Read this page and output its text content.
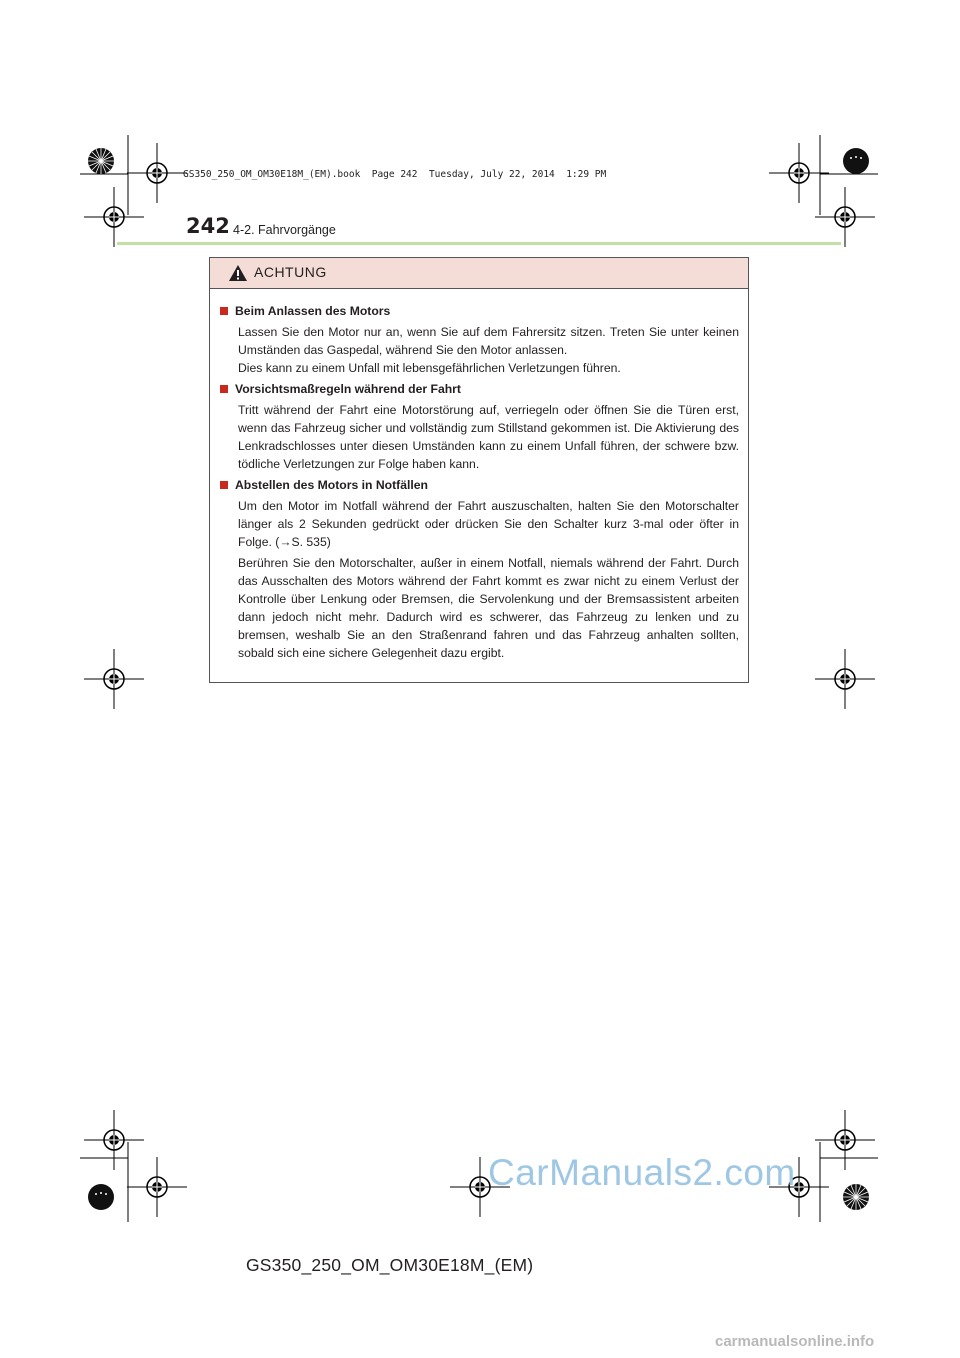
GS350_250_OM_OM30E18M_(EM).book  Page 242  Tuesday, July 22, 2014  1:29 PM
242 4-2. Fahrvorgänge
ACHTUNG
Beim Anlassen des Motors
Lassen Sie den Motor nur an, wenn Sie auf dem Fahrersitz sitzen. Treten Sie unter keinen Umständen das Gaspedal, während Sie den Motor anlassen.
Dies kann zu einem Unfall mit lebensgefährlichen Verletzungen führen.
Vorsichtsmaßregeln während der Fahrt
Tritt während der Fahrt eine Motorstörung auf, verriegeln oder öffnen Sie die Türen erst, wenn das Fahrzeug sicher und vollständig zum Stillstand gekommen ist. Die Aktivierung des Lenkradschlosses unter diesen Umständen kann zu einem Unfall führen, der schwere bzw. tödliche Verletzungen zur Folge haben kann.
Abstellen des Motors in Notfällen
Um den Motor im Notfall während der Fahrt auszuschalten, halten Sie den Motorschalter länger als 2 Sekunden gedrückt oder drücken Sie den Schalter kurz 3-mal oder öfter in Folge. (→S. 535)
Berühren Sie den Motorschalter, außer in einem Notfall, niemals während der Fahrt. Durch das Ausschalten des Motors während der Fahrt kommt es zwar nicht zu einem Verlust der Kontrolle über Lenkung oder Bremsen, die Servolenkung und der Bremsassistent arbeiten dann jedoch nicht mehr. Dadurch wird es schwerer, das Fahrzeug zu lenken und zu bremsen, weshalb Sie an den Straßenrand fahren und das Fahrzeug anhalten sollten, sobald sich eine sichere Gelegenheit dazu ergibt.
CarManuals2.com
GS350_250_OM_OM30E18M_(EM)
carmanualsonline.info
